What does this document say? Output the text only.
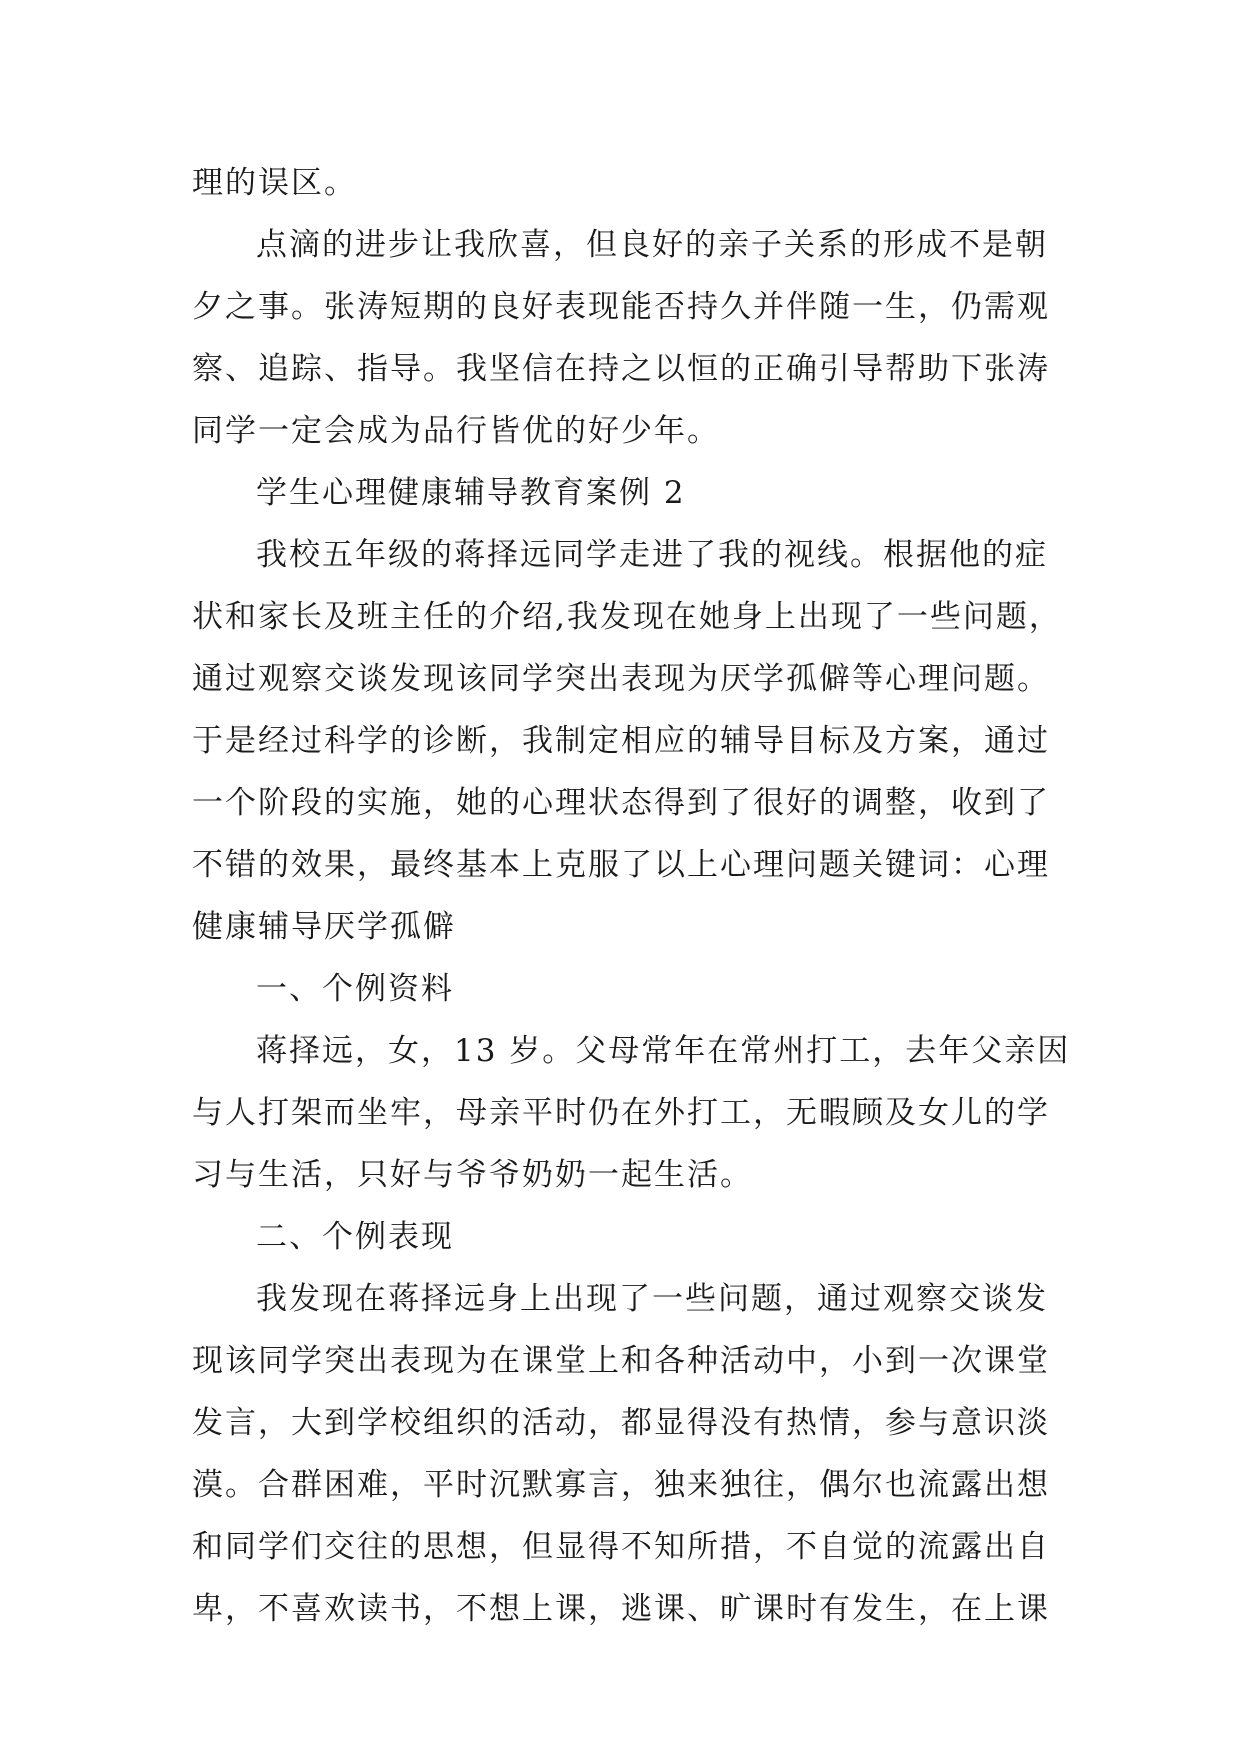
理的误区。
点滴的进步让我欣喜，但良好的亲子关系的形成不是朝
夕之事。张涛短期的良好表现能否持久并伴随一生，仍需观
察、追踪、指导。我坚信在持之以恒的正确引导帮助下张涛
同学一定会成为品行皆优的好少年。
学生心理健康辅导教育案例 2
我校五年级的蒋择远同学走进了我的视线。根据他的症
状和家长及班主任的介绍,我发现在她身上出现了一些问题，
通过观察交谈发现该同学突出表现为厌学孤僻等心理问题。
于是经过科学的诊断，我制定相应的辅导目标及方案，通过
一个阶段的实施，她的心理状态得到了很好的调整，收到了
不错的效果，最终基本上克服了以上心理问题关键词：心理
健康辅导厌学孤僻
一、个例资料
蒋择远，女，13 岁。父母常年在常州打工，去年父亲因
与人打架而坐牢，母亲平时仍在外打工，无暇顾及女儿的学
习与生活，只好与爷爷奶奶一起生活。
二、个例表现
我发现在蒋择远身上出现了一些问题，通过观察交谈发
现该同学突出表现为在课堂上和各种活动中，小到一次课堂
发言，大到学校组织的活动，都显得没有热情，参与意识淡
漠。合群困难，平时沉默寡言，独来独往，偶尔也流露出想
和同学们交往的思想，但显得不知所措，不自觉的流露出自
卑，不喜欢读书，不想上课，逃课、旷课时有发生，在上课
